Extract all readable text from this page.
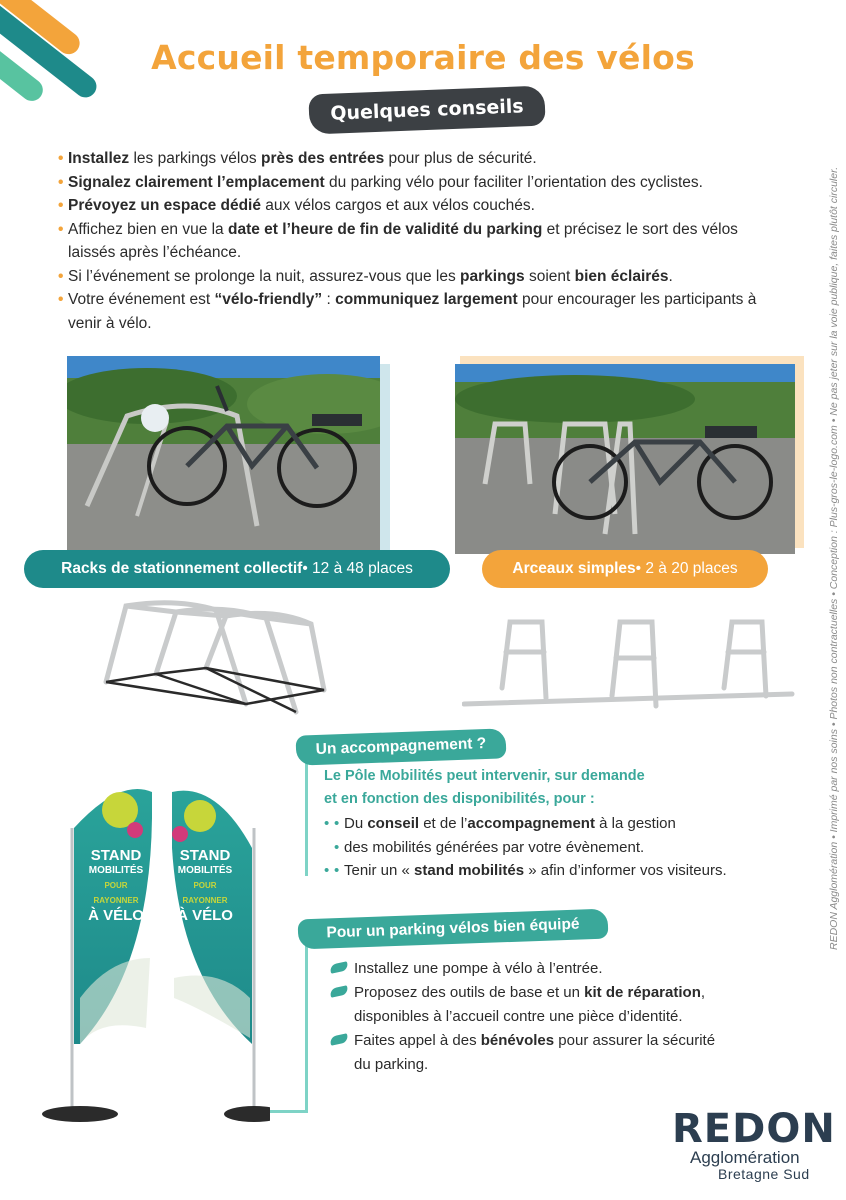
Accueil temporaire des vélos
Quelques conseils
• Installez les parkings vélos près des entrées pour plus de sécurité.
• Signalez clairement l’emplacement du parking vélo pour faciliter l’orientation des cyclistes.
• Prévoyez un espace dédié aux vélos cargos et aux vélos couchés.
• Affichez bien en vue la date et l’heure de fin de validité du parking et précisez le sort des vélos laissés après l’échéance.
• Si l’événement se prolonge la nuit, assurez-vous que les parkings soient bien éclairés.
• Votre événement est “vélo-friendly” : communiquez largement pour encourager les participants à venir à vélo.
Racks de stationnement collectif • 12 à 48 places	Arceaux simples • 2 à 20 places
Un accompagnement ?
Le Pôle Mobilités peut intervenir, sur demande
et en fonction des disponibilités, pour :
• • Du conseil et de l’accompagnement à la gestion
• des mobilités générées par votre évènement.
• • Tenir un « stand mobilités » afin d’informer vos visiteurs.
Pour un parking vélos bien équipé
Installez une pompe à vélo à l’entrée.
Proposez des outils de base et un kit de réparation,
disponibles à l’accueil contre une pièce d’identité.
Faites appel à des bénévoles pour assurer la sécurité
du parking.
STAND
MOBILITÉS
POUR
RAYONNER
À VÉLO
STAND
MOBILITÉS
POUR
RAYONNER
À VÉLO	REDON Agglomération • Imprimé par nos soins • Photos non contractuelles • Conception : Plus-gros-le-logo.com • Ne pas jeter sur la voie publique, faites plutôt circuler.
REDON
Agglomération
Bretagne Sud
